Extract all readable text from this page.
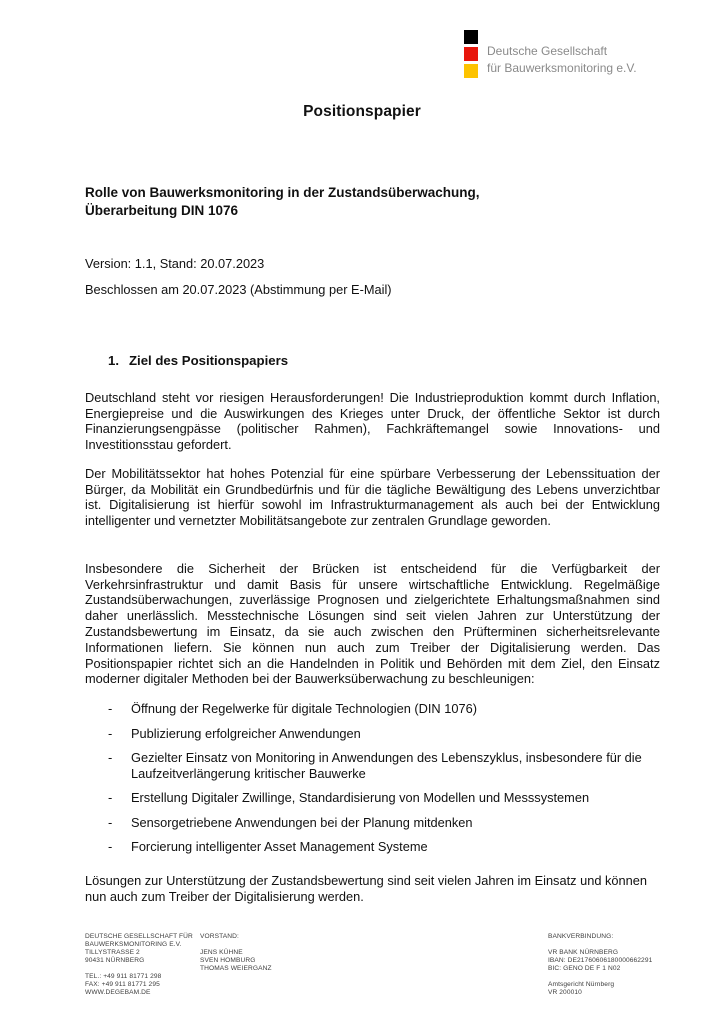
Deutsche Gesellschaft
für Bauwerksmonitoring e.V.
Positionspapier
Rolle von Bauwerksmonitoring in der Zustandsüberwachung,
Überarbeitung DIN 1076
Version: 1.1, Stand: 20.07.2023
Beschlossen am 20.07.2023 (Abstimmung per E-Mail)
1. Ziel des Positionspapiers

Deutschland steht vor riesigen Herausforderungen! Die Industrieproduktion kommt durch Inflation, Energiepreise und die Auswirkungen des Krieges unter Druck, der öffentliche Sektor ist durch Finanzierungsengpässe (politischer Rahmen), Fachkräftemangel sowie Innovations- und Investitionsstau gefordert.

Der Mobilitätssektor hat hohes Potenzial für eine spürbare Verbesserung der Lebenssituation der Bürger, da Mobilität ein Grundbedürfnis und für die tägliche Bewältigung des Lebens unverzichtbar ist. Digitalisierung ist hierfür sowohl im Infrastrukturmanagement als auch bei der Entwicklung intelligenter und vernetzter Mobilitätsangebote zur zentralen Grundlage geworden.

Insbesondere die Sicherheit der Brücken ist entscheidend für die Verfügbarkeit der Verkehrsinfrastruktur und damit Basis für unsere wirtschaftliche Entwicklung. Regelmäßige Zustandsüberwachungen, zuverlässige Prognosen und zielgerichtete Erhaltungsmaßnahmen sind daher unerlässlich. Messtechnische Lösungen sind seit vielen Jahren zur Unterstützung der Zustandsbewertung im Einsatz, da sie auch zwischen den Prüfterminen sicherheitsrelevante Informationen liefern. Sie können nun auch zum Treiber der Digitalisierung werden. Das Positionspapier richtet sich an die Handelnden in Politik und Behörden mit dem Ziel, den Einsatz moderner digitaler Methoden bei der Bauwerksüberwachung zu beschleunigen:

-	Öffnung der Regelwerke für digitale Technologien (DIN 1076)
-	Publizierung erfolgreicher Anwendungen
-	Gezielter Einsatz von Monitoring in Anwendungen des Lebenszyklus, insbesondere für die Laufzeitverlängerung kritischer Bauwerke
-	Erstellung Digitaler Zwillinge, Standardisierung von Modellen und Messsystemen
-	Sensorgetriebene Anwendungen bei der Planung mitdenken
-	Forcierung intelligenter Asset Management Systeme

Lösungen zur Unterstützung der Zustandsbewertung sind seit vielen Jahren im Einsatz und können nun auch zum Treiber der Digitalisierung werden.

DEUTSCHE GESELLSCHAFT FÜR
BAUWERKSMONITORING E.V.
TILLYSTRASSE 2
90431 NÜRNBERG
TEL.: +49 911 81771 298
FAX: +49 911 81771 295
WWW.DEGEBAM.DE
VORSTAND:
JENS KÜHNE
SVEN HOMBURG
THOMAS WEIERGANZ
BANKVERBINDUNG:
VR BANK NÜRNBERG
IBAN: DE21760606180000662291
BIC: GENO DE F 1 N02
Amtsgericht Nürnberg
VR 200010
